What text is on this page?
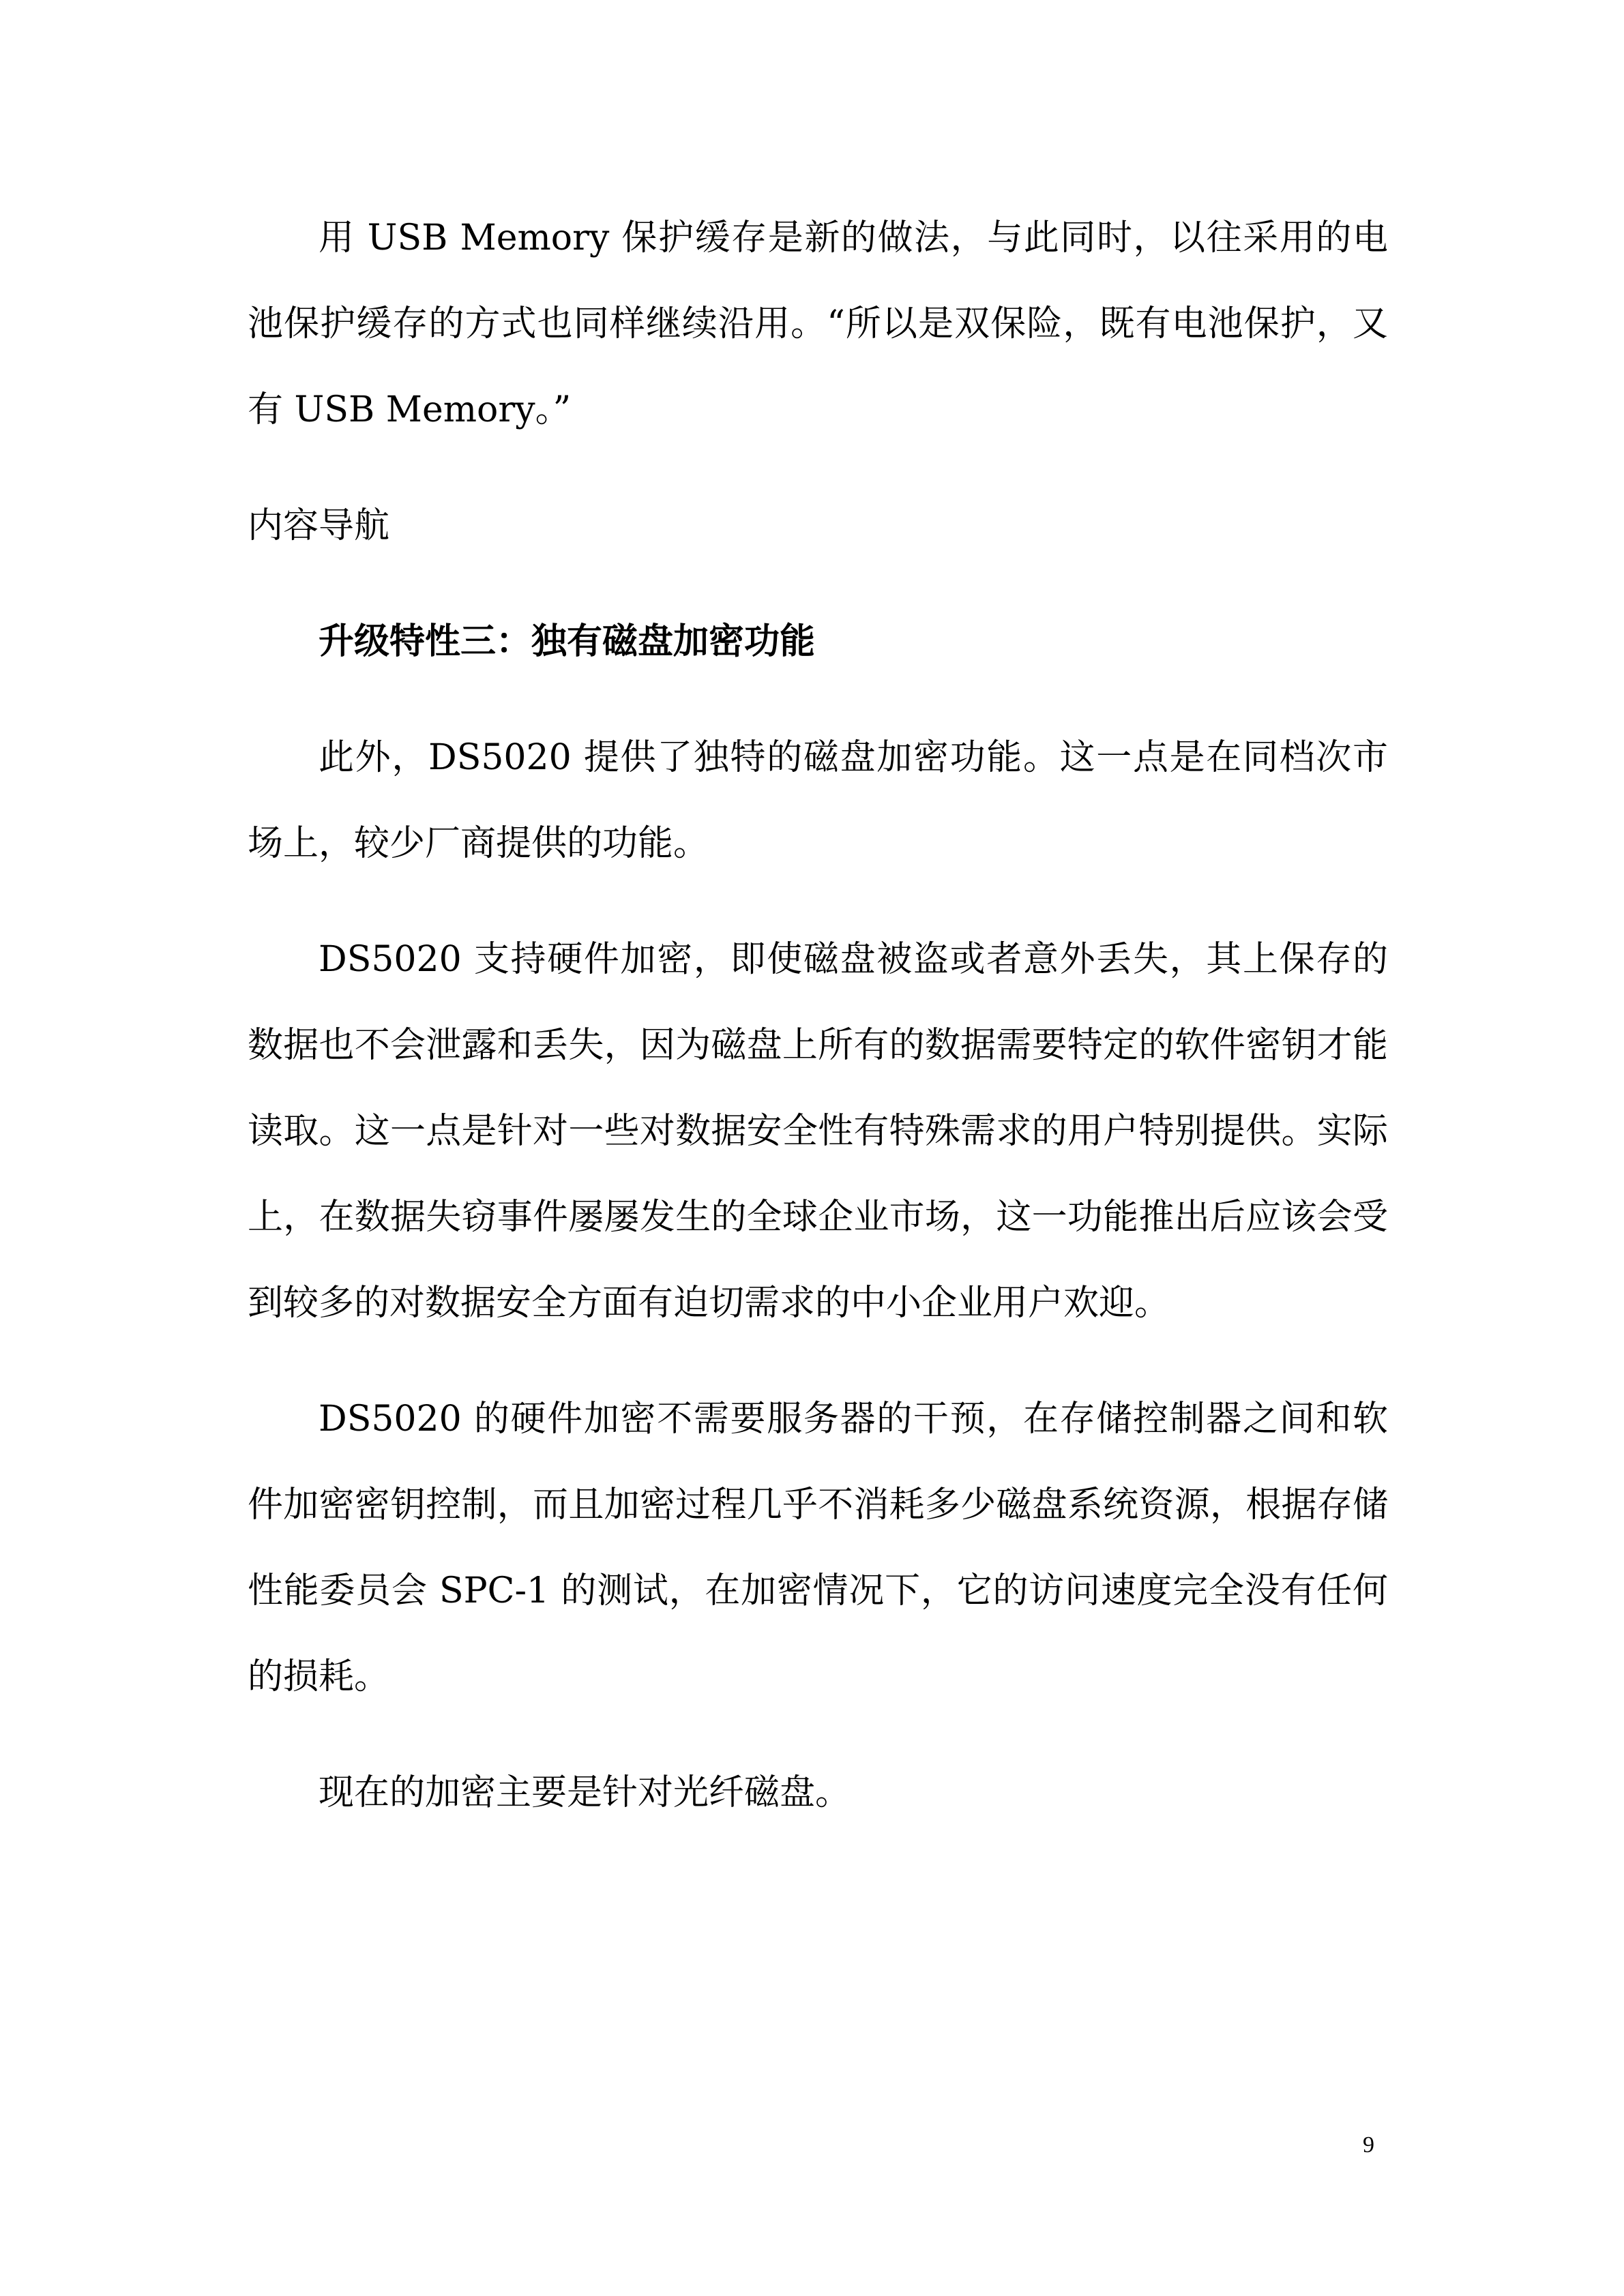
用 USB Memory 保护缓存是新的做法，与此同时，以往采用的电池保护缓存的方式也同样继续沿用。“所以是双保险，既有电池保护，又有 USB Memory。”

内容导航

升级特性三：独有磁盘加密功能

此外，DS5020 提供了独特的磁盘加密功能。这一点是在同档次市场上，较少厂商提供的功能。

DS5020 支持硬件加密，即使磁盘被盗或者意外丢失，其上保存的数据也不会泄露和丢失，因为磁盘上所有的数据需要特定的软件密钥才能读取。这一点是针对一些对数据安全性有特殊需求的用户特别提供。实际上，在数据失窃事件屡屡发生的全球企业市场，这一功能推出后应该会受到较多的对数据安全方面有迫切需求的中小企业用户欢迎。

DS5020 的硬件加密不需要服务器的干预，在存储控制器之间和软件加密密钥控制，而且加密过程几乎不消耗多少磁盘系统资源，根据存储性能委员会 SPC-1 的测试，在加密情况下，它的访问速度完全没有任何的损耗。

现在的加密主要是针对光纤磁盘。

9
